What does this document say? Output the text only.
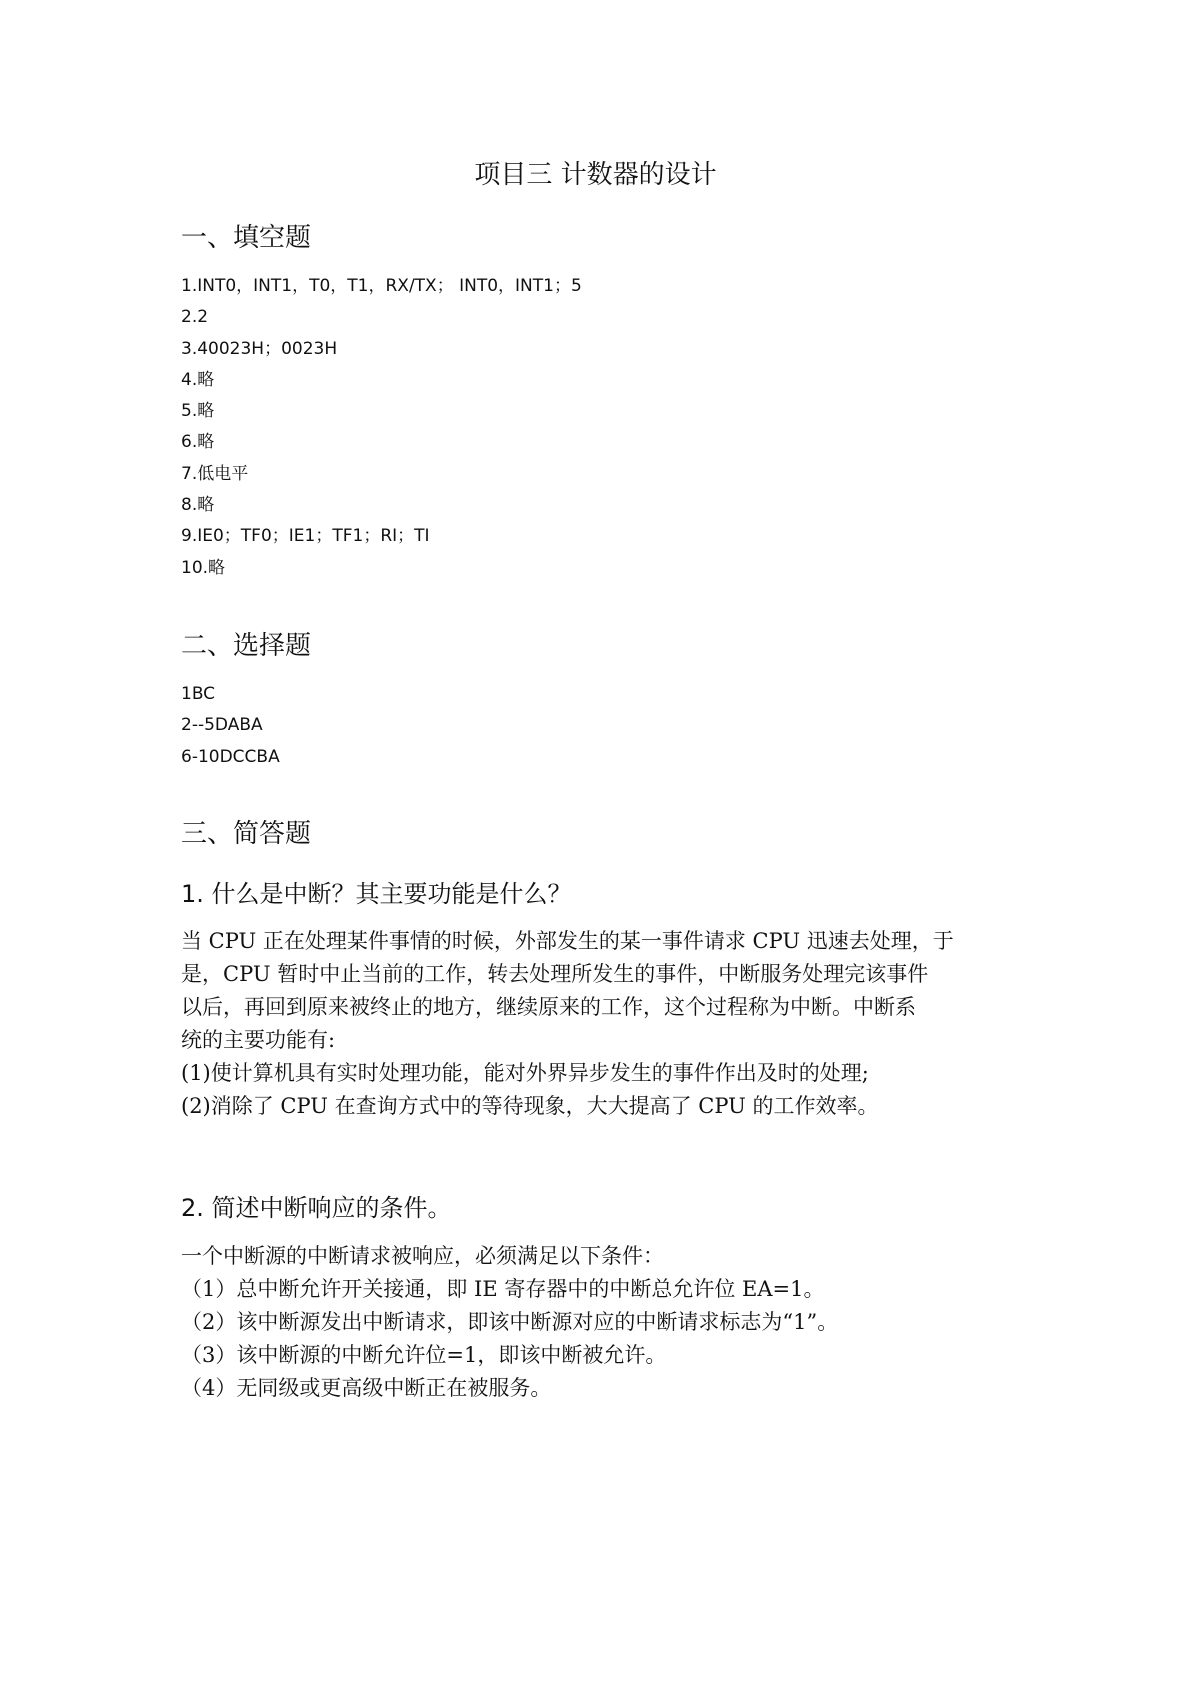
项目三 计数器的设计
一、填空题
1.INT0，INT1，T0，T1，RX/TX； INT0，INT1；5
2.2
3.40023H；0023H
4.略
5.略
6.略
7.低电平
8.略
9.IE0；TF0；IE1；TF1；RI；TI
10.略
二、选择题
1BC
2--5DABA
6-10DCCBA
三、简答题
1. 什么是中断？其主要功能是什么？
当 CPU 正在处理某件事情的时候，外部发生的某一事件请求 CPU 迅速去处理，于
是，CPU 暂时中止当前的工作，转去处理所发生的事件，中断服务处理完该事件
以后，再回到原来被终止的地方，继续原来的工作，这个过程称为中断。中断系
统的主要功能有:
(1)使计算机具有实时处理功能，能对外界异步发生的事件作出及时的处理;
(2)消除了 CPU 在查询方式中的等待现象，大大提高了 CPU 的工作效率。
2. 简述中断响应的条件。
一个中断源的中断请求被响应，必须满足以下条件：
（1）总中断允许开关接通，即 IE 寄存器中的中断总允许位 EA=1。
（2）该中断源发出中断请求，即该中断源对应的中断请求标志为“1”。
（3）该中断源的中断允许位=1，即该中断被允许。
（4）无同级或更高级中断正在被服务。
